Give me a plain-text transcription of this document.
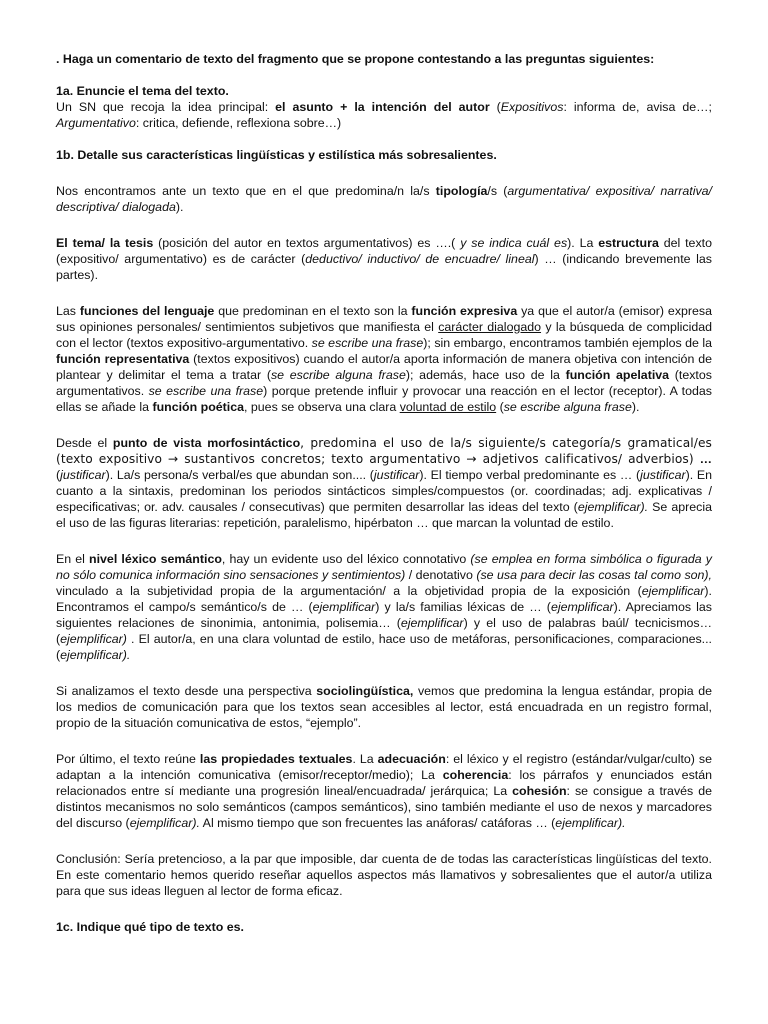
. Haga un comentario de texto del fragmento que se propone contestando a las preguntas siguientes:

1a. Enuncie el tema del texto.

Un SN que recoja la idea principal: el asunto + la intención del autor (Expositivos: informa de, avisa de…; Argumentativo: critica, defiende, reflexiona sobre…)

1b. Detalle sus características lingüísticas y estilística más sobresalientes.

Nos encontramos ante un texto que en el que predomina/n la/s tipología/s (argumentativa/ expositiva/ narrativa/ descriptiva/ dialogada).

El tema/ la tesis (posición del autor en textos argumentativos) es ….( y se indica cuál es). La estructura del texto (expositivo/ argumentativo) es de carácter (deductivo/ inductivo/ de encuadre/ lineal) … (indicando brevemente las partes).

Las funciones del lenguaje que predominan en el texto son la función expresiva ya que el autor/a (emisor) expresa sus opiniones personales/ sentimientos subjetivos que manifiesta el carácter dialogado y la búsqueda de complicidad con el lector (textos expositivo-argumentativo. se escribe una frase); sin embargo, encontramos también ejemplos de la función representativa (textos expositivos) cuando el autor/a aporta información de manera objetiva con intención de plantear y delimitar el tema a tratar (se escribe alguna frase); además, hace uso de la función apelativa (textos argumentativos. se escribe una frase) porque pretende influir y provocar una reacción en el lector (receptor). A todas ellas se añade la función poética, pues se observa una clara voluntad de estilo (se escribe alguna frase).

Desde el punto de vista morfosintáctico, predomina el uso de la/s siguiente/s categoría/s gramatical/es (texto expositivo → sustantivos concretos; texto argumentativo → adjetivos calificativos/ adverbios) … (justificar). La/s persona/s verbal/es que abundan son.... (justificar). El tiempo verbal predominante es … (justificar). En cuanto a la sintaxis, predominan los periodos sintácticos simples/compuestos (or. coordinadas; adj. explicativas / especificativas; or. adv. causales / consecutivas) que permiten desarrollar las ideas del texto (ejemplificar). Se aprecia el uso de las figuras literarias: repetición, paralelismo, hipérbaton … que marcan la voluntad de estilo.

En el nivel léxico semántico, hay un evidente uso del léxico connotativo (se emplea en forma simbólica o figurada y no sólo comunica información sino sensaciones y sentimientos) / denotativo (se usa para decir las cosas tal como son), vinculado a la subjetividad propia de la argumentación/ a la objetividad propia de la exposición (ejemplificar). Encontramos el campo/s semántico/s de … (ejemplificar) y la/s familias léxicas de … (ejemplificar). Apreciamos las siguientes relaciones de sinonimia, antonimia, polisemia… (ejemplificar) y el uso de palabras baúl/ tecnicismos… (ejemplificar) . El autor/a, en una clara voluntad de estilo, hace uso de metáforas, personificaciones, comparaciones... (ejemplificar).

Si analizamos el texto desde una perspectiva sociolingüística, vemos que predomina la lengua estándar, propia de los medios de comunicación para que los textos sean accesibles al lector, está encuadrada en un registro formal, propio de la situación comunicativa de estos, “ejemplo”.

Por último, el texto reúne las propiedades textuales. La adecuación: el léxico y el registro (estándar/vulgar/culto) se adaptan a la intención comunicativa (emisor/receptor/medio); La coherencia: los párrafos y enunciados están relacionados entre sí mediante una progresión lineal/encuadrada/ jerárquica; La cohesión: se consigue a través de distintos mecanismos no solo semánticos (campos semánticos), sino también mediante el uso de nexos y marcadores del discurso (ejemplificar). Al mismo tiempo que son frecuentes las anáforas/ catáforas … (ejemplificar).

Conclusión: Sería pretencioso, a la par que imposible, dar cuenta de de todas las características lingüísticas del texto. En este comentario hemos querido reseñar aquellos aspectos más llamativos y sobresalientes que el autor/a utiliza para que sus ideas lleguen al lector de forma eficaz.

1c. Indique qué tipo de texto es.
